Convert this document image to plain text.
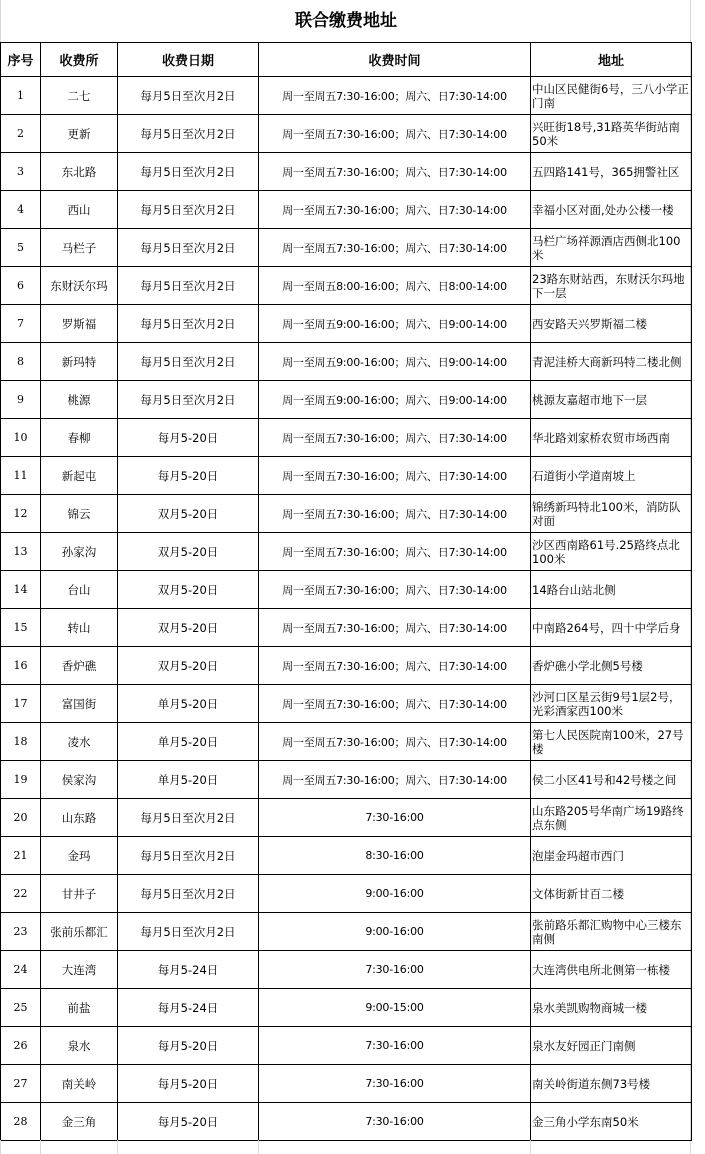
联合缴费地址
序号	收费所	收费日期	收费时间	地址
1	二七	每月5日至次月2日	周一至周五7:30-16:00；周六、日7:30-14:00	中山区民健街6号，三八小学正门南
2	更新	每月5日至次月2日	周一至周五7:30-16:00；周六、日7:30-14:00	兴旺街18号,31路英华街站南50米
3	东北路	每月5日至次月2日	周一至周五7:30-16:00；周六、日7:30-14:00	五四路141号，365拥警社区
4	西山	每月5日至次月2日	周一至周五7:30-16:00；周六、日7:30-14:00	幸福小区对面,处办公楼一楼
5	马栏子	每月5日至次月2日	周一至周五7:30-16:00；周六、日7:30-14:00	马栏广场祥源酒店西侧北100米
6	东财沃尔玛	每月5日至次月2日	周一至周五8:00-16:00；周六、日8:00-14:00	23路东财站西，东财沃尔玛地下一层
7	罗斯福	每月5日至次月2日	周一至周五9:00-16:00；周六、日9:00-14:00	西安路天兴罗斯福二楼
8	新玛特	每月5日至次月2日	周一至周五9:00-16:00；周六、日9:00-14:00	青泥洼桥大商新玛特二楼北侧
9	桃源	每月5日至次月2日	周一至周五9:00-16:00；周六、日9:00-14:00	桃源友嘉超市地下一层
10	春柳	每月5-20日	周一至周五7:30-16:00；周六、日7:30-14:00	华北路刘家桥农贸市场西南
11	新起屯	每月5-20日	周一至周五7:30-16:00；周六、日7:30-14:00	石道街小学道南坡上
12	锦云	双月5-20日	周一至周五7:30-16:00；周六、日7:30-14:00	锦绣新玛特北100米，消防队对面
13	孙家沟	双月5-20日	周一至周五7:30-16:00；周六、日7:30-14:00	沙区西南路61号.25路终点北100米
14	台山	双月5-20日	周一至周五7:30-16:00；周六、日7:30-14:00	14路台山站北侧
15	转山	双月5-20日	周一至周五7:30-16:00；周六、日7:30-14:00	中南路264号，四十中学后身
16	香炉礁	双月5-20日	周一至周五7:30-16:00；周六、日7:30-14:00	香炉礁小学北侧5号楼
17	富国街	单月5-20日	周一至周五7:30-16:00；周六、日7:30-14:00	沙河口区星云街9号1层2号，光彩酒家西100米
18	凌水	单月5-20日	周一至周五7:30-16:00；周六、日7:30-14:00	第七人民医院南100米，27号楼
19	侯家沟	单月5-20日	周一至周五7:30-16:00；周六、日7:30-14:00	侯二小区41号和42号楼之间
20	山东路	每月5日至次月2日	7:30-16:00	山东路205号华南广场19路终点东侧
21	金玛	每月5日至次月2日	8:30-16:00	泡崖金玛超市西门
22	甘井子	每月5日至次月2日	9:00-16:00	文体街新甘百二楼
23	张前乐都汇	每月5日至次月2日	9:00-16:00	张前路乐都汇购物中心三楼东南侧
24	大连湾	每月5-24日	7:30-16:00	大连湾供电所北侧第一栋楼
25	前盐	每月5-24日	9:00-15:00	泉水美凯购物商城一楼
26	泉水	每月5-20日	7:30-16:00	泉水友好园正门南侧
27	南关岭	每月5-20日	7:30-16:00	南关岭街道东侧73号楼
28	金三角	每月5-20日	7:30-16:00	金三角小学东南50米
